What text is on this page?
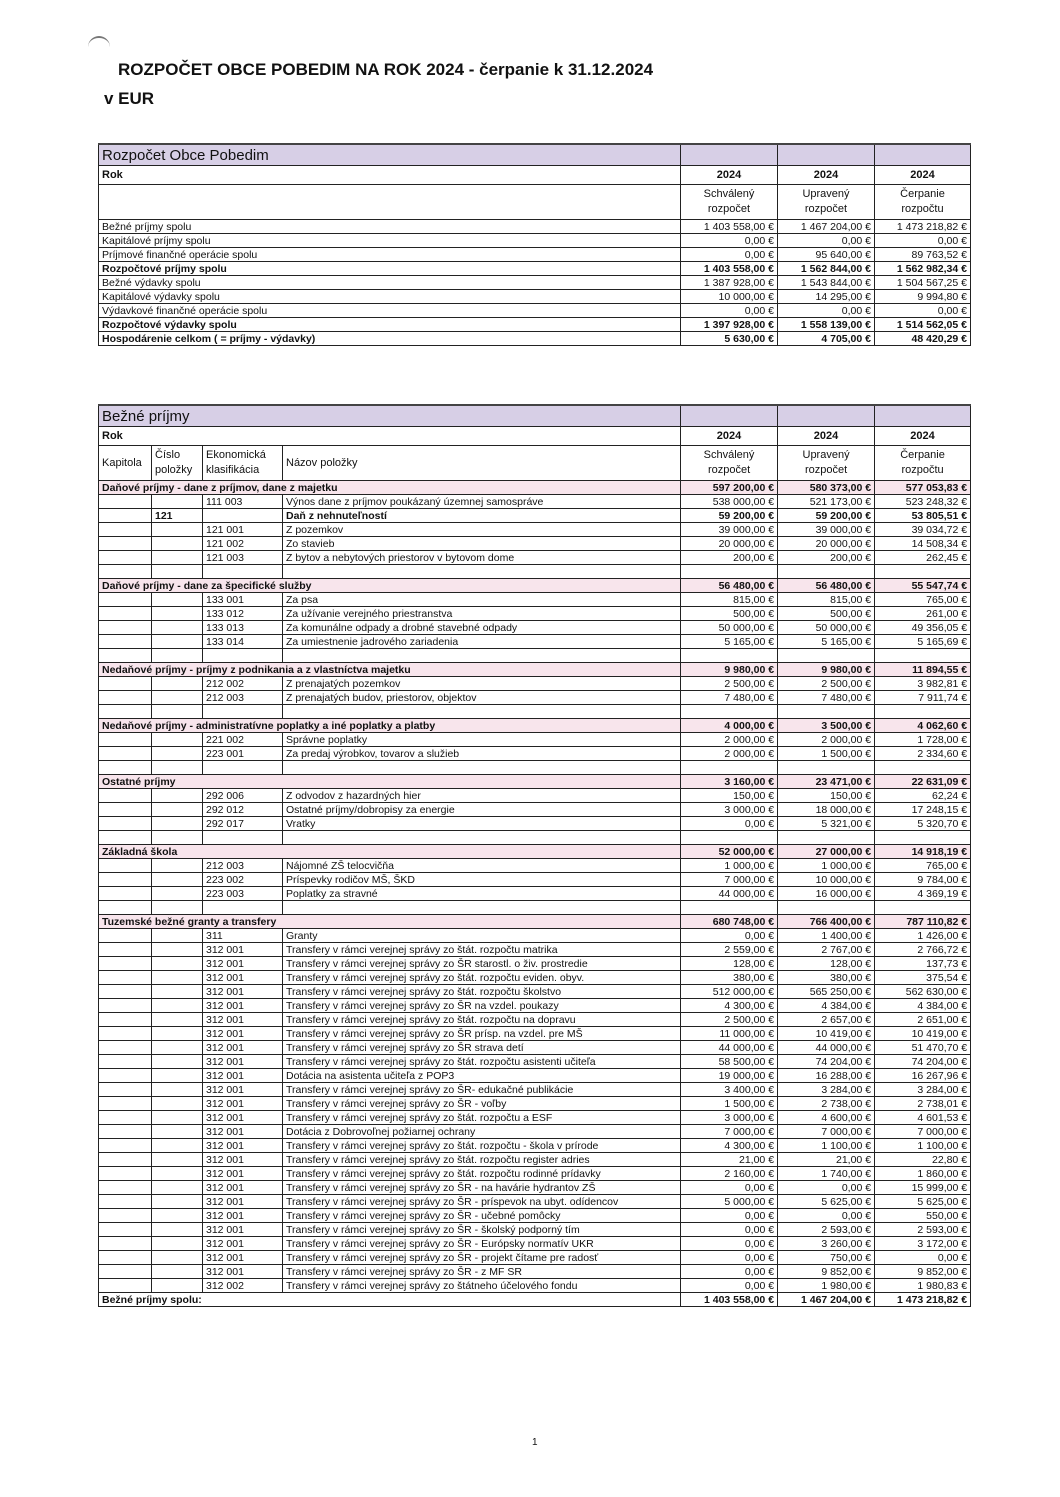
ROZPOČET OBCE POBEDIM NA ROK 2024 - čerpanie k 31.12.2024
v EUR
Rozpočet Obce Pobedim			
Rok	2024	2024	2024
	Schválený rozpočet	Upravený rozpočet	Čerpanie rozpočtu
Bežné príjmy spolu	1 403 558,00 €	1 467 204,00 €	1 473 218,82 €
Kapitálové príjmy spolu	0,00 €	0,00 €	0,00 €
Príjmové finančné operácie spolu	0,00 €	95 640,00 €	89 763,52 €
Rozpočtové príjmy spolu	1 403 558,00 €	1 562 844,00 €	1 562 982,34 €
Bežné výdavky spolu	1 387 928,00 €	1 543 844,00 €	1 504 567,25 €
Kapitálové výdavky spolu	10 000,00 €	14 295,00 €	9 994,80 €
Výdavkové finančné operácie spolu	0,00 €	0,00 €	0,00 €
Rozpočtové výdavky spolu	1 397 928,00 €	1 558 139,00 €	1 514 562,05 €
Hospodárenie celkom ( = príjmy - výdavky)	5 630,00 €	4 705,00 €	48 420,29 €
Bežné príjmy						
Rok				2024	2024	2024
Kapitola	Číslo položky	Ekonomická klasifikácia	Názov položky	Schválený rozpočet	Upravený rozpočet	Čerpanie rozpočtu
Daňové príjmy - dane z príjmov, dane z majetku				597 200,00 €	580 373,00 €	577 053,83 €
		111 003	Výnos dane z príjmov poukázaný územnej samospráve	538 000,00 €	521 173,00 €	523 248,32 €
	121		Daň z nehnuteľností	59 200,00 €	59 200,00 €	53 805,51 €
		121 001	Z pozemkov	39 000,00 €	39 000,00 €	39 034,72 €
		121 002	Zo stavieb	20 000,00 €	20 000,00 €	14 508,34 €
		121 003	Z bytov a nebytových priestorov v bytovom dome	200,00 €	200,00 €	262,45 €

Daňové príjmy - dane za špecifické služby				56 480,00 €	56 480,00 €	55 547,74 €
		133 001	Za psa	815,00 €	815,00 €	765,00 €
		133 012	Za užívanie verejného priestranstva	500,00 €	500,00 €	261,00 €
		133 013	Za komunálne odpady a drobné stavebné odpady	50 000,00 €	50 000,00 €	49 356,05 €
		133 014	Za umiestnenie jadrového zariadenia	5 165,00 €	5 165,00 €	5 165,69 €

Nedaňové príjmy - príjmy z podnikania a z vlastníctva majetku				9 980,00 €	9 980,00 €	11 894,55 €
		212 002	Z prenajatých pozemkov	2 500,00 €	2 500,00 €	3 982,81 €
		212 003	Z prenajatých budov, priestorov, objektov	7 480,00 €	7 480,00 €	7 911,74 €

Nedaňové príjmy - administratívne poplatky a iné poplatky a platby				4 000,00 €	3 500,00 €	4 062,60 €
		221 002	Správne poplatky	2 000,00 €	2 000,00 €	1 728,00 €
		223 001	Za predaj výrobkov, tovarov a služieb	2 000,00 €	1 500,00 €	2 334,60 €

Ostatné príjmy				3 160,00 €	23 471,00 €	22 631,09 €
		292 006	Z odvodov z hazardných hier	150,00 €	150,00 €	62,24 €
		292 012	Ostatné príjmy/dobropisy za energie	3 000,00 €	18 000,00 €	17 248,15 €
		292 017	Vratky	0,00 €	5 321,00 €	5 320,70 €

Základná škola				52 000,00 €	27 000,00 €	14 918,19 €
		212 003	Nájomné ZŠ telocvičňa	1 000,00 €	1 000,00 €	765,00 €
		223 002	Príspevky rodičov MŠ, ŠKD	7 000,00 €	10 000,00 €	9 784,00 €
		223 003	Poplatky za stravné	44 000,00 €	16 000,00 €	4 369,19 €

Tuzemské bežné granty a transfery				680 748,00 €	766 400,00 €	787 110,82 €
		311	Granty	0,00 €	1 400,00 €	1 426,00 €
		312 001	Transfery v rámci verejnej správy zo štát. rozpočtu matrika	2 559,00 €	2 767,00 €	2 766,72 €
		312 001	Transfery v rámci verejnej správy zo ŠR starostl. o živ. prostredie	128,00 €	128,00 €	137,73 €
		312 001	Transfery v rámci verejnej správy zo štát. rozpočtu eviden. obyv.	380,00 €	380,00 €	375,54 €
		312 001	Transfery v rámci verejnej správy zo štát. rozpočtu školstvo	512 000,00 €	565 250,00 €	562 630,00 €
		312 001	Transfery v rámci verejnej správy zo ŠR na vzdel. poukazy	4 300,00 €	4 384,00 €	4 384,00 €
		312 001	Transfery v rámci verejnej správy zo štát. rozpočtu na dopravu	2 500,00 €	2 657,00 €	2 651,00 €
		312 001	Transfery v rámci verejnej správy zo ŠR prísp. na vzdel. pre MŠ	11 000,00 €	10 419,00 €	10 419,00 €
		312 001	Transfery v rámci verejnej správy zo ŠR strava detí	44 000,00 €	44 000,00 €	51 470,70 €
		312 001	Transfery v rámci verejnej správy zo štát. rozpočtu asistenti učiteľa	58 500,00 €	74 204,00 €	74 204,00 €
		312 001	Dotácia na asistenta učiteľa z POP3	19 000,00 €	16 288,00 €	16 267,96 €
		312 001	Transfery v rámci verejnej správy zo ŠR- edukačné publikácie	3 400,00 €	3 284,00 €	3 284,00 €
		312 001	Transfery v rámci verejnej správy zo ŠR - voľby	1 500,00 €	2 738,00 €	2 738,01 €
		312 001	Transfery v rámci verejnej správy zo štát. rozpočtu a ESF	3 000,00 €	4 600,00 €	4 601,53 €
		312 001	Dotácia z Dobrovoľnej požiarnej ochrany	7 000,00 €	7 000,00 €	7 000,00 €
		312 001	Transfery v rámci verejnej správy zo štát. rozpočtu - škola v prírode	4 300,00 €	1 100,00 €	1 100,00 €
		312 001	Transfery v rámci verejnej správy zo štát. rozpočtu register adries	21,00 €	21,00 €	22,80 €
		312 001	Transfery v rámci verejnej správy zo štát. rozpočtu rodinné prídavky	2 160,00 €	1 740,00 €	1 860,00 €
		312 001	Transfery v rámci verejnej správy zo ŠR - na havárie hydrantov ZŠ	0,00 €	0,00 €	15 999,00 €
		312 001	Transfery v rámci verejnej správy zo ŠR - príspevok na ubyt. odídencov	5 000,00 €	5 625,00 €	5 625,00 €
		312 001	Transfery v rámci verejnej správy zo ŠR - učebné pomôcky	0,00 €	0,00 €	550,00 €
		312 001	Transfery v rámci verejnej správy zo ŠR - školský podporný tím	0,00 €	2 593,00 €	2 593,00 €
		312 001	Transfery v rámci verejnej správy zo ŠR - Európsky normatív UKR	0,00 €	3 260,00 €	3 172,00 €
		312 001	Transfery v rámci verejnej správy zo ŠR - projekt čítame pre radosť	0,00 €	750,00 €	0,00 €
		312 001	Transfery v rámci verejnej správy zo ŠR - z MF SR	0,00 €	9 852,00 €	9 852,00 €
		312 002	Transfery v rámci verejnej správy zo štátneho účelového fondu	0,00 €	1 980,00 €	1 980,83 €
Bežné príjmy spolu:				1 403 558,00 €	1 467 204,00 €	1 473 218,82 €
1
